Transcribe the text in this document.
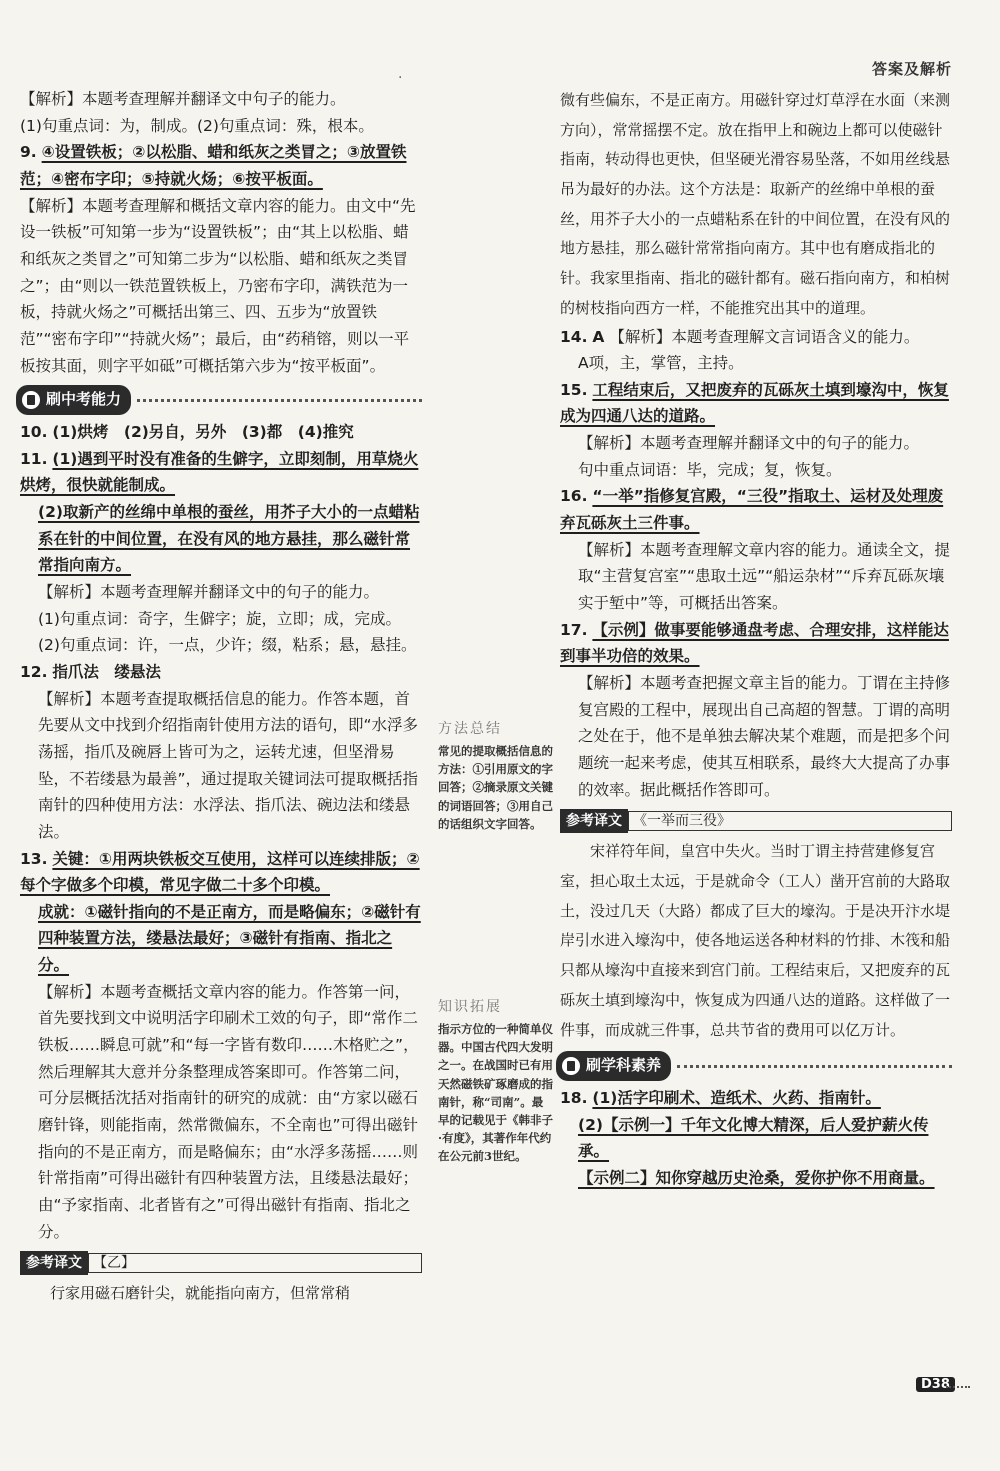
·	答案及解析

【解析】本题考查理解并翻译文中句子的能力。

(1)句重点词：为，制成。(2)句重点词：殊，根本。

9. ④设置铁板；②以松脂、蜡和纸灰之类冒之；③放置铁范；④密布字印；⑤持就火炀；⑥按平板面。

【解析】本题考查理解和概括文章内容的能力。由文中“先设一铁板”可知第一步为“设置铁板”；由“其上以松脂、蜡和纸灰之类冒之”可知第二步为“以松脂、蜡和纸灰之类冒之”；由“则以一铁范置铁板上，乃密布字印，满铁范为一板，持就火炀之”可概括出第三、四、五步为“放置铁范”“密布字印”“持就火炀”；最后，由“药稍镕，则以一平板按其面，则字平如砥”可概括第六步为“按平板面”。

刷中考能力

10. (1)烘烤　(2)另自，另外　(3)都　(4)推究

11. (1)遇到平时没有准备的生僻字，立即刻制，用草烧火烘烤，很快就能制成。

(2)取新产的丝绵中单根的蚕丝，用芥子大小的一点蜡粘系在针的中间位置，在没有风的地方悬挂，那么磁针常常指向南方。

【解析】本题考查理解并翻译文中的句子的能力。

(1)句重点词：奇字，生僻字；旋，立即；成，完成。

(2)句重点词：许，一点，少许；缀，粘系；悬，悬挂。

12. 指爪法　缕悬法

【解析】本题考查提取概括信息的能力。作答本题，首先要从文中找到介绍指南针使用方法的语句，即“水浮多荡摇，指爪及碗唇上皆可为之，运转尤速，但坚滑易坠，不若缕悬为最善”，通过提取关键词法可提取概括指南针的四种使用方法：水浮法、指爪法、碗边法和缕悬法。

13. 关键：①用两块铁板交互使用，这样可以连续排版；②每个字做多个印模，常见字做二十多个印模。

成就：①磁针指向的不是正南方，而是略偏东；②磁针有四种装置方法，缕悬法最好；③磁针有指南、指北之分。

【解析】本题考查概括文章内容的能力。作答第一问，首先要找到文中说明活字印刷术工效的句子，即“常作二铁板……瞬息可就”和“每一字皆有数印……木格贮之”，然后理解其大意并分条整理成答案即可。作答第二问，可分层概括沈括对指南针的研究的成就：由“方家以磁石磨针锋，则能指南，然常微偏东，不全南也”可得出磁针指向的不是正南方，而是略偏东；由“水浮多荡摇……则针常指南”可得出磁针有四种装置方法，且缕悬法最好；由“予家指南、北者皆有之”可得出磁针有指南、指北之分。

参考译文 【乙】

行家用磁石磨针尖，就能指向南方，但常常稍

方法总结
常见的提取概括信息的方法：①引用原文的字回答；②摘录原文关键的词语回答；③用自己的话组织文字回答。
知识拓展
指示方位的一种简单仪器。中国古代四大发明之一。在战国时已有用天然磁铁矿琢磨成的指南针，称“司南”。最早的记载见于《韩非子·有度》，其著作年代约在公元前3世纪。

微有些偏东，不是正南方。用磁针穿过灯草浮在水面（来测方向），常常摇摆不定。放在指甲上和碗边上都可以使磁针指南，转动得也更快，但坚硬光滑容易坠落，不如用丝线悬吊为最好的办法。这个方法是：取新产的丝绵中单根的蚕丝，用芥子大小的一点蜡粘系在针的中间位置，在没有风的地方悬挂，那么磁针常常指向南方。其中也有磨成指北的针。我家里指南、指北的磁针都有。磁石指向南方，和柏树的树枝指向西方一样，不能推究出其中的道理。

14. A 【解析】本题考查理解文言词语含义的能力。

A项，主，掌管，主持。

15. 工程结束后，又把废弃的瓦砾灰土填到壕沟中，恢复成为四通八达的道路。

【解析】本题考查理解并翻译文中的句子的能力。

句中重点词语：毕，完成；复，恢复。

16. “一举”指修复宫殿，“三役”指取土、运材及处理废弃瓦砾灰土三件事。

【解析】本题考查理解文章内容的能力。通读全文，提取“主营复宫室”“患取土远”“船运杂材”“斥弃瓦砾灰壤实于堑中”等，可概括出答案。

17. 【示例】做事要能够通盘考虑、合理安排，这样能达到事半功倍的效果。

【解析】本题考查把握文章主旨的能力。丁谓在主持修复宫殿的工程中，展现出自己高超的智慧。丁谓的高明之处在于，他不是单独去解决某个难题，而是把多个问题统一起来考虑，使其互相联系，最终大大提高了办事的效率。据此概括作答即可。

参考译文 《一举而三役》

宋祥符年间，皇宫中失火。当时丁谓主持营建修复宫室，担心取土太远，于是就命令（工人）凿开宫前的大路取土，没过几天（大路）都成了巨大的壕沟。于是决开汴水堤岸引水进入壕沟中，使各地运送各种材料的竹排、木筏和船只都从壕沟中直接来到宫门前。工程结束后，又把废弃的瓦砾灰土填到壕沟中，恢复成为四通八达的道路。这样做了一件事，而成就三件事，总共节省的费用可以亿万计。

刷学科素养

18. (1)活字印刷术、造纸术、火药、指南针。

(2)【示例一】千年文化博大精深，后人爱护薪火传承。

【示例二】知你穿越历史沧桑，爱你护你不用商量。

D38
